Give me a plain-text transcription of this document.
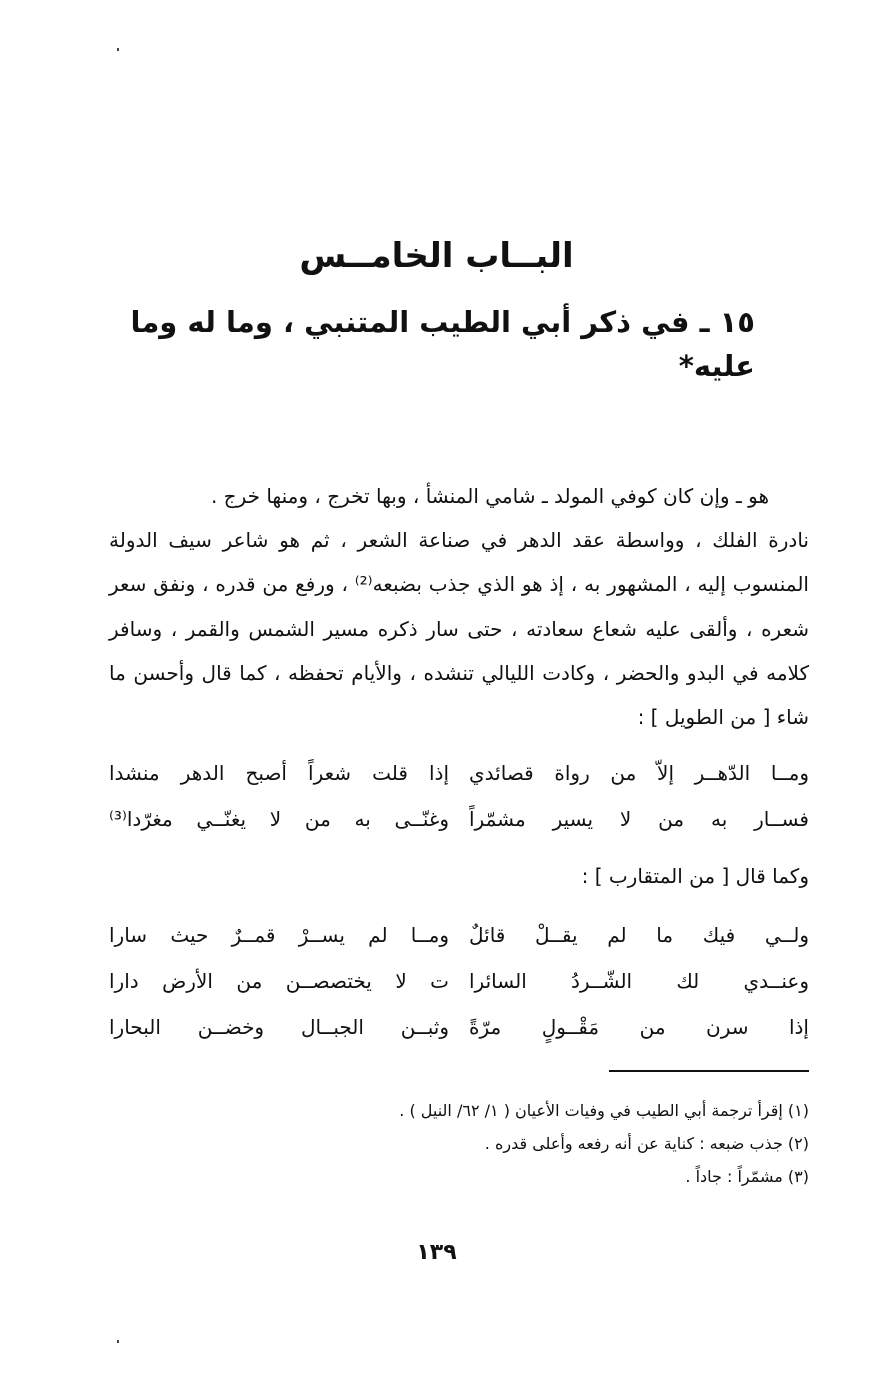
البــاب الخامــس
١٥ ـ في ذكر أبي الطيب المتنبي ، وما له وما عليه*

هو ـ وإن كان كوفي المولد ـ شامي المنشأ ، وبها تخرج ، ومنها خرج .

نادرة الفلك ، وواسطة عقد الدهر في صناعة الشعر ، ثم هو شاعر سيف الدولة المنسوب إليه ، المشهور به ، إذ هو الذي جذب بضبعه⁽²⁾ ، ورفع من قدره ، ونفق سعر شعره ، وألقى عليه شعاع سعادته ، حتى سار ذكره مسير الشمس والقمر ، وسافر كلامه في البدو والحضر ، وكادت الليالي تنشده ، والأيام تحفظه ، كما قال وأحسن ما شاء [ من الطويل ] :

ومــا الدّهــر إلاّ من رواة قصائدي
إذا قلت شعراً أصبح الدهر منشدا
فســار به من لا يسير مشمّراً
وغنّــى به من لا يغنّــي مغرّدا⁽³⁾
وكما قال [ من المتقارب ] :
ولــي فيك ما لم يقــلْ قائلٌ
ومــا لم يســرْ قمــرٌ حيث سارا
وعنــدي لك الشّــردُ السائرا
ت لا يختصصــن من الأرض دارا
إذا سرن من مَقْــولٍ مرّةً
وثبــن الجبــال وخضــن البحارا
(١) إقرأ ترجمة أبي الطيب في وفيات الأعيان ( ١/ ٦٢/ النيل ) .
(٢) جذب ضبعه : كناية عن أنه رفعه وأعلى قدره .
(٣) مشمّراً : جاداً .
١٣٩
